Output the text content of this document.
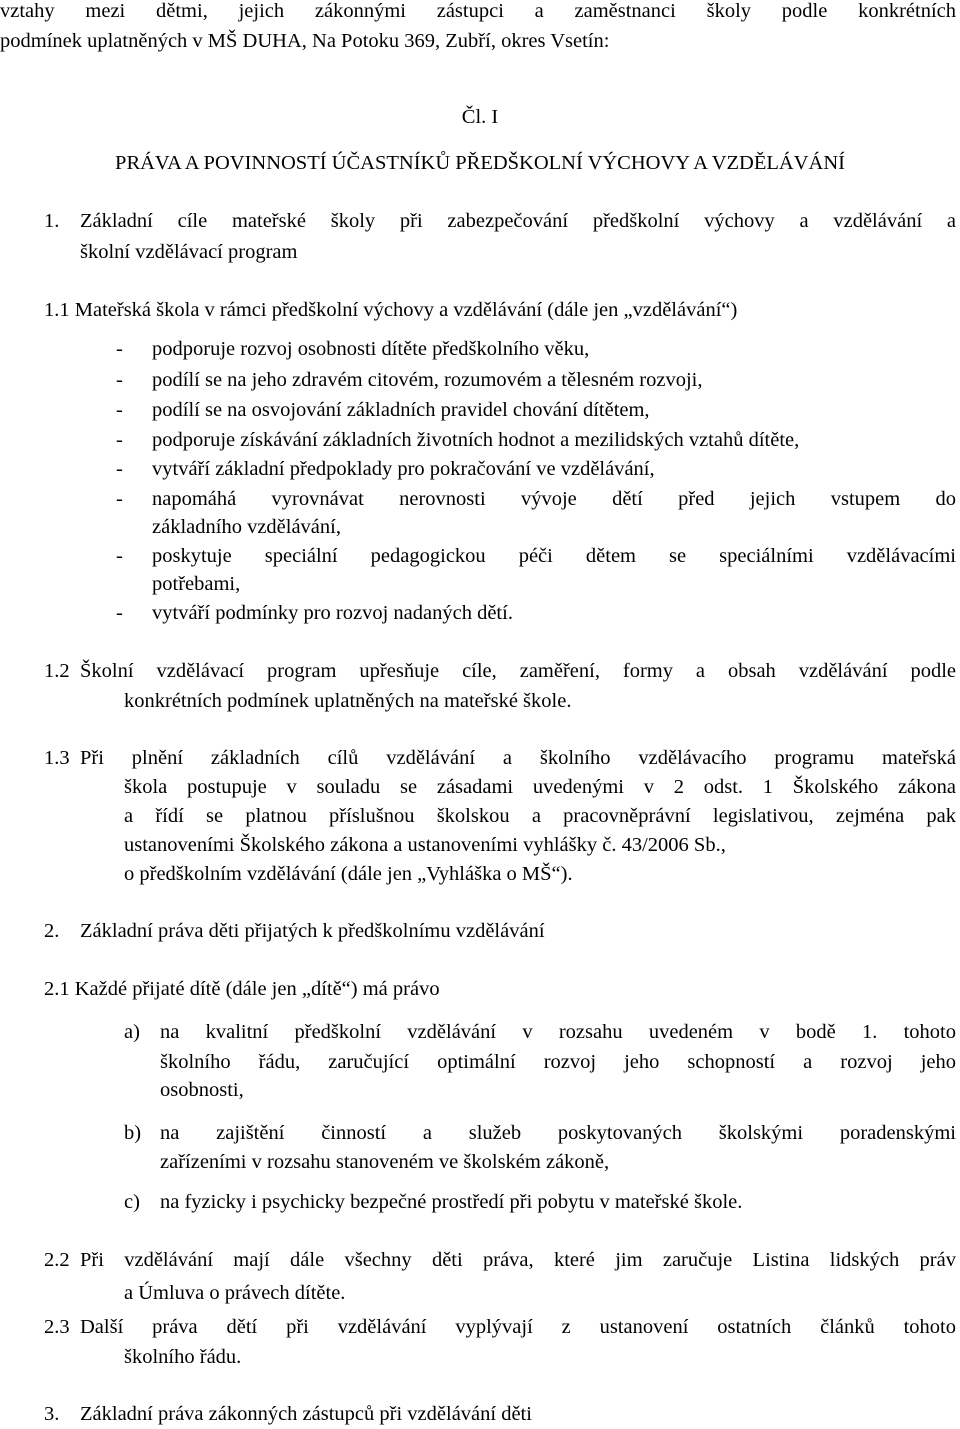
vztahy mezi dětmi, jejich zákonnými zástupci a zaměstnanci školy podle konkrétních
podmínek uplatněných v MŠ DUHA, Na Potoku 369, Zubří, okres Vsetín:
Čl. I
PRÁVA A POVINNOSTÍ ÚČASTNÍKŮ PŘEDŠKOLNÍ VÝCHOVY A VZDĚLÁVÁNÍ
1. Základní cíle mateřské školy při zabezpečování předškolní výchovy a vzdělávání a
školní vzdělávací program
1.1 Mateřská škola v rámci předškolní výchovy a vzdělávání (dále jen „vzdělávání“)
- podporuje rozvoj osobnosti dítěte předškolního věku,
- podílí se na jeho zdravém citovém, rozumovém a tělesném rozvoji,
- podílí se na osvojování základních pravidel chování dítětem,
- podporuje získávání základních životních hodnot a mezilidských vztahů dítěte,
- vytváří základní předpoklady pro pokračování ve vzdělávání,
- napomáhá vyrovnávat nerovnosti vývoje dětí před jejich vstupem do
základního vzdělávání,
- poskytuje speciální pedagogickou péči dětem se speciálními vzdělávacími
potřebami,
- vytváří podmínky pro rozvoj nadaných dětí.
1.2 Školní vzdělávací program upřesňuje cíle, zaměření, formy a obsah vzdělávání podle
konkrétních podmínek uplatněných na mateřské škole.
1.3 Při plnění základních cílů vzdělávání a školního vzdělávacího programu mateřská
škola postupuje v souladu se zásadami uvedenými v 2 odst. 1 Školského zákona
a řídí se platnou příslušnou školskou a pracovněprávní legislativou, zejména pak
ustanoveními Školského zákona a ustanoveními vyhlášky č. 43/2006 Sb.,
o předškolním vzdělávání (dále jen „Vyhláška o MŠ“).
2. Základní práva děti přijatých k předškolnímu vzdělávání
2.1 Každé přijaté dítě (dále jen „dítě“) má právo
a) na kvalitní předškolní vzdělávání v rozsahu uvedeném v bodě 1. tohoto
školního řádu, zaručující optimální rozvoj jeho schopností a rozvoj jeho
osobnosti,
b) na zajištění činností a služeb poskytovaných školskými poradenskými
zařízeními v rozsahu stanoveném ve školském zákoně,
c) na fyzicky i psychicky bezpečné prostředí při pobytu v mateřské škole.
2.2 Při vzdělávání mají dále všechny děti práva, které jim zaručuje Listina lidských práv
a Úmluva o právech dítěte.
2.3 Další práva dětí při vzdělávání vyplývají z ustanovení ostatních článků tohoto
školního řádu.
3. Základní práva zákonných zástupců při vzdělávání děti
